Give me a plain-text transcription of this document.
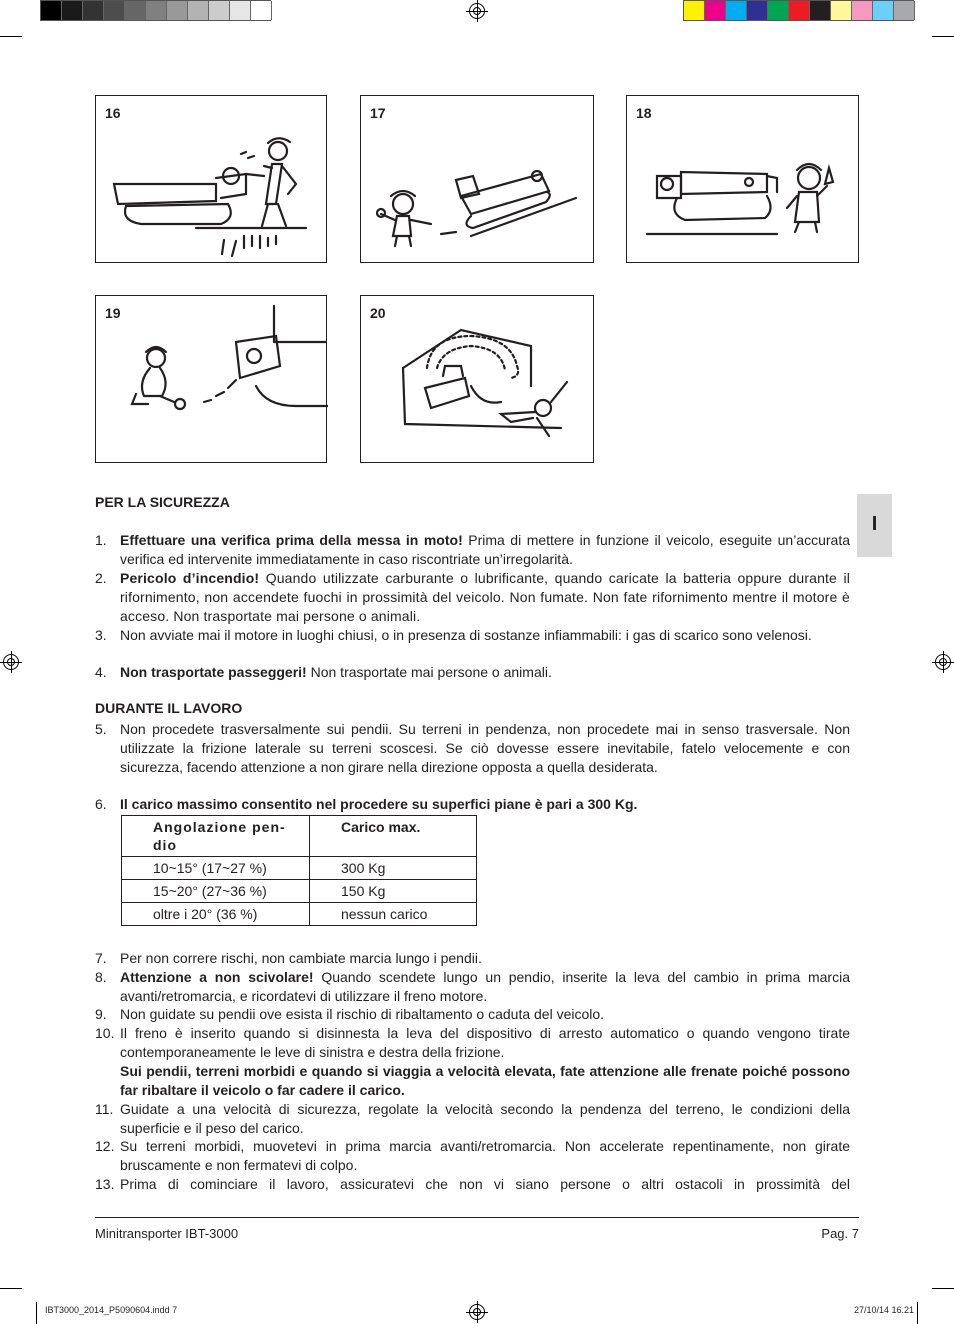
16	17	18
19	20
I
PER LA SICUREZZA
1. Effettuare una verifica prima della messa in moto! Prima di mettere in funzione il veicolo, eseguite un’accurata verifica ed intervenite immediatamente in caso riscontriate un’irregolarità.
2. Pericolo d’incendio! Quando utilizzate carburante o lubrificante, quando caricate la batteria oppure durante il rifornimento, non accendete fuochi in prossimità del veicolo. Non fumate. Non fate rifornimento mentre il motore è acceso. Non trasportate mai persone o animali.
3. Non avviate mai il motore in luoghi chiusi, o in presenza di sostanze infiammabili: i gas di scarico sono velenosi.
4. Non trasportate passeggeri! Non trasportate mai persone o animali.
DURANTE IL LAVORO
5. Non procedete trasversalmente sui pendii. Su terreni in pendenza, non procedete mai in senso trasversale. Non utilizzate la frizione laterale su terreni scoscesi. Se ciò dovesse essere inevitabile, fatelo velocemente e con sicurezza, facendo attenzione a non girare nella direzione opposta a quella desiderata.
6. Il carico massimo consentito nel procedere su superfici piane è pari a 300 Kg.
Angolazione pen-dio	Carico max.
10~15° (17~27 %)	300 Kg
15~20° (27~36 %)	150 Kg
oltre i 20° (36 %)	nessun carico
7. Per non correre rischi, non cambiate marcia lungo i pendii.
8. Attenzione a non scivolare! Quando scendete lungo un pendio, inserite la leva del cambio in prima marcia avanti/retromarcia, e ricordatevi di utilizzare il freno motore.
9. Non guidate su pendii ove esista il rischio di ribaltamento o caduta del veicolo.
10. Il freno è inserito quando si disinnesta la leva del dispositivo di arresto automatico o quando vengono tirate contemporaneamente le leve di sinistra e destra della frizione.
Sui pendii, terreni morbidi e quando si viaggia a velocità elevata, fate attenzione alle frenate poiché possono far ribaltare il veicolo o far cadere il carico.
11. Guidate a una velocità di sicurezza, regolate la velocità secondo la pendenza del terreno, le condizioni della superficie e il peso del carico.
12. Su terreni morbidi, muovetevi in prima marcia avanti/retromarcia. Non accelerate repentinamente, non girate bruscamente e non fermatevi di colpo.
13. Prima di cominciare il lavoro, assicuratevi che non vi siano persone o altri ostacoli in prossimità del
Minitransporter IBT-3000	Pag. 7
IBT3000_2014_P5090604.indd 7	27/10/14 16.21
